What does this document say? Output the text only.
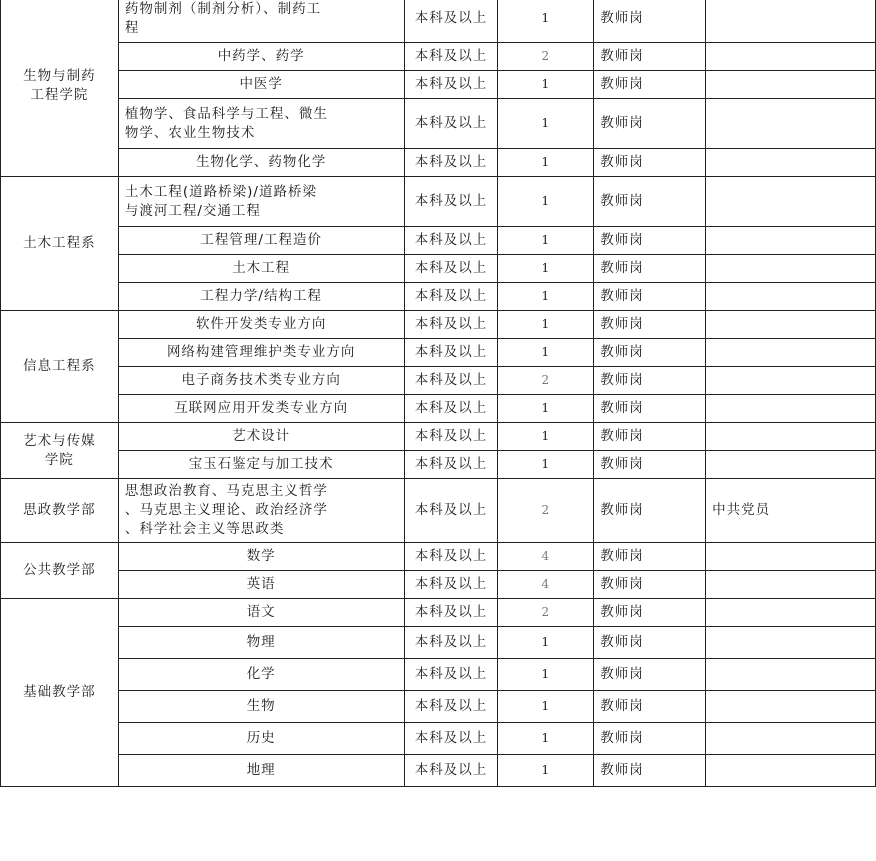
生物与制药
工程学院	药物制剂（制剂分析）、制药工
程	本科及以上	1	教师岗	
	中药学、药学	本科及以上	2	教师岗	
	中医学	本科及以上	1	教师岗	
	植物学、食品科学与工程、微生
物学、农业生物技术	本科及以上	1	教师岗	
	生物化学、药物化学	本科及以上	1	教师岗	
土木工程系	土木工程(道路桥梁)/道路桥梁
与渡河工程/交通工程	本科及以上	1	教师岗	
	工程管理/工程造价	本科及以上	1	教师岗	
	土木工程	本科及以上	1	教师岗	
	工程力学/结构工程	本科及以上	1	教师岗	
信息工程系	软件开发类专业方向	本科及以上	1	教师岗	
	网络构建管理维护类专业方向	本科及以上	1	教师岗	
	电子商务技术类专业方向	本科及以上	2	教师岗	
	互联网应用开发类专业方向	本科及以上	1	教师岗	
艺术与传媒
学院	艺术设计	本科及以上	1	教师岗	
	宝玉石鉴定与加工技术	本科及以上	1	教师岗	
思政教学部	思想政治教育、马克思主义哲学
、马克思主义理论、政治经济学
、科学社会主义等思政类	本科及以上	2	教师岗	中共党员
公共教学部	数学	本科及以上	4	教师岗	
	英语	本科及以上	4	教师岗	
基础教学部	语文	本科及以上	2	教师岗	
	物理	本科及以上	1	教师岗	
	化学	本科及以上	1	教师岗	
	生物	本科及以上	1	教师岗	
	历史	本科及以上	1	教师岗	
	地理	本科及以上	1	教师岗	
